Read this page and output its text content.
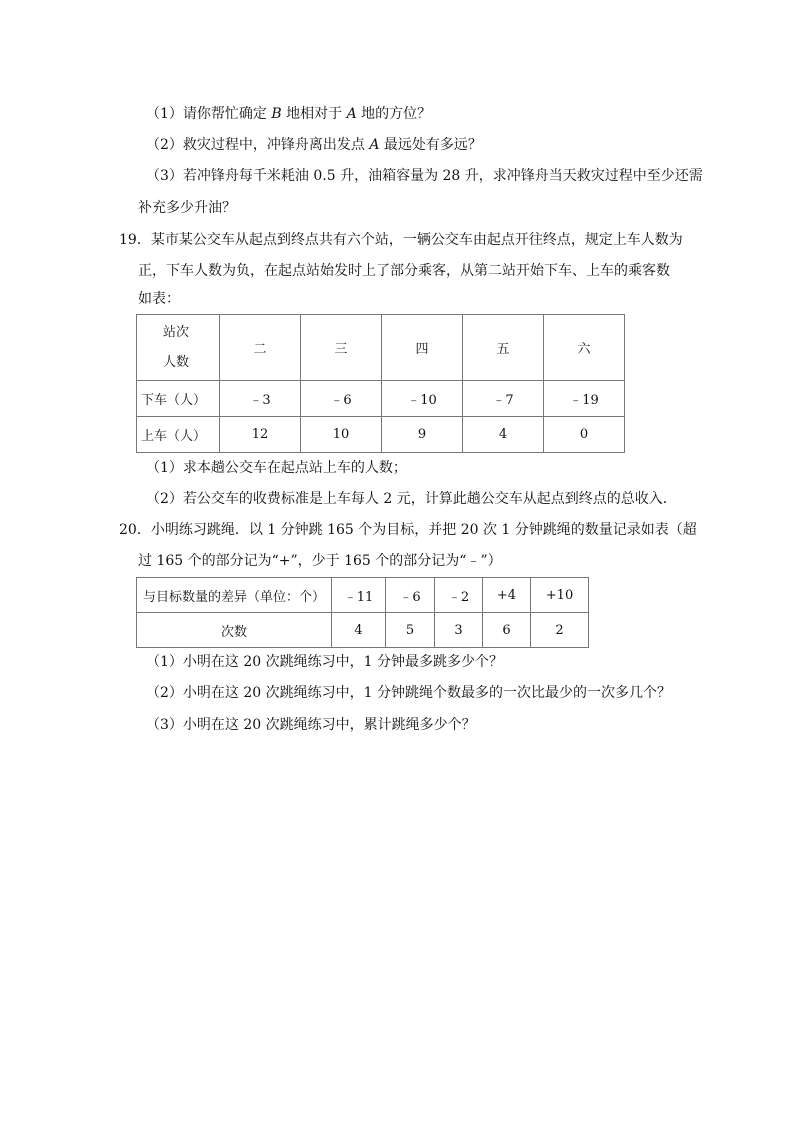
（1）请你帮忙确定 B 地相对于 A 地的方位？
（2）救灾过程中，冲锋舟离出发点 A 最远处有多远？
（3）若冲锋舟每千米耗油 0.5 升，油箱容量为 28 升，求冲锋舟当天救灾过程中至少还需
补充多少升油？
19．某市某公交车从起点到终点共有六个站，一辆公交车由起点开往终点，规定上车人数为
正，下车人数为负，在起点站始发时上了部分乘客，从第二站开始下车、上车的乘客数
如表：
站次
人数	二	三	四	五	六
下车（人）	﹣3	﹣6	﹣10	﹣7	﹣19
上车（人）	12	10	9	4	0
（1）求本趟公交车在起点站上车的人数；
（2）若公交车的收费标准是上车每人 2 元，计算此趟公交车从起点到终点的总收入．
20．小明练习跳绳．以 1 分钟跳 165 个为目标，并把 20 次 1 分钟跳绳的数量记录如表（超
过 165 个的部分记为“+”，少于 165 个的部分记为“﹣”）
与目标数量的差异（单位：个）	﹣11	﹣6	﹣2	+4	+10
次数	4	5	3	6	2
（1）小明在这 20 次跳绳练习中，1 分钟最多跳多少个？
（2）小明在这 20 次跳绳练习中，1 分钟跳绳个数最多的一次比最少的一次多几个？
（3）小明在这 20 次跳绳练习中，累计跳绳多少个？
